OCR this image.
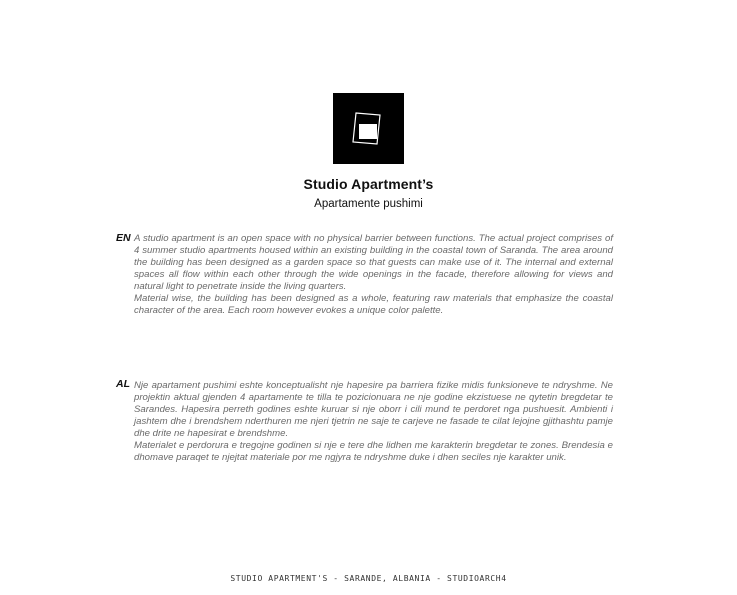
Studio Apartment’s
Apartamente pushimi
EN A studio apartment is an open space with no physical barrier between functions. The actual project comprises of 4 summer studio apartments housed within an existing building in the coastal town of Saranda. The area around the building has been designed as a garden space so that guests can make use of it. The internal and external spaces all flow within each other through the wide openings in the facade, therefore allowing for views and natural light to penetrate inside the living quarters.

Material wise, the building has been designed as a whole, featuring raw materials that emphasize the coastal character of the area. Each room however evokes a unique color palette.

AL Nje apartament pushimi eshte konceptualisht nje hapesire pa barriera fizike midis funksioneve te ndryshme. Ne projektin aktual gjenden 4 apartamente te tilla te pozicionuara ne nje godine ekzistuese ne qytetin bregdetar te Sarandes. Hapesira perreth godines eshte kuruar si nje oborr i cili mund te perdoret nga pushuesit. Ambienti i jashtem dhe i brendshem nderthuren me njeri tjetrin ne saje te carjeve ne fasade te cilat lejojne gjithashtu pamje dhe drite ne hapesirat e brendshme.

Materialet e perdorura e tregojne godinen si nje e tere dhe lidhen me karakterin bregdetar te zones. Brendesia e dhomave paraqet te njejtat materiale por me ngjyra te ndryshme duke i dhen seciles nje karakter unik.

STUDIO APARTMENT'S - SARANDE, ALBANIA - STUDIOARCH4
